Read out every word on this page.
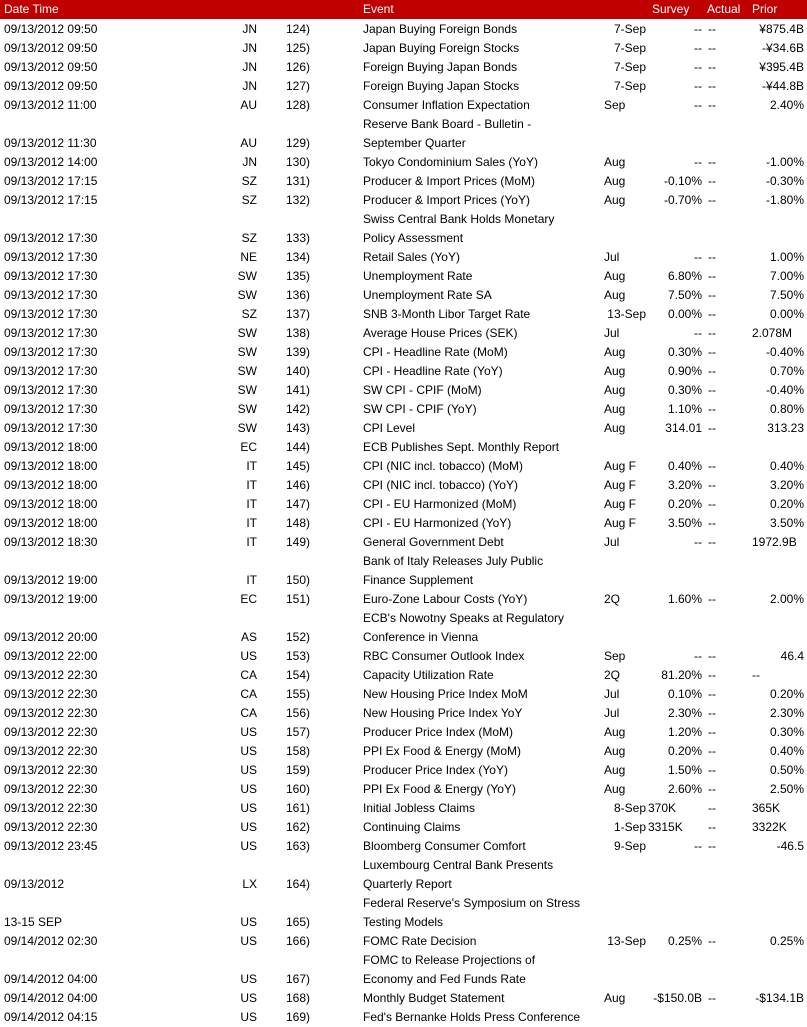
Date Time	Event	Survey Actual Prior
09/13/2012 09:50	JN	124)	Japan Buying Foreign Bonds	7-Sep	-- --	¥875.4B
09/13/2012 09:50	JN	125)	Japan Buying Foreign Stocks	7-Sep	-- --	-¥34.6B
09/13/2012 09:50	JN	126)	Foreign Buying Japan Bonds	7-Sep	-- --	¥395.4B
09/13/2012 09:50	JN	127)	Foreign Buying Japan Stocks	7-Sep	-- --	-¥44.8B
09/13/2012 11:00	AU	128)	Consumer Inflation Expectation	Sep	-- --	2.40%
09/13/2012 11:30	AU	129)
Reserve Bank Board - Bulletin -
September Quarter
09/13/2012 14:00	JN	130)	Tokyo Condominium Sales (YoY)	Aug	-- --	-1.00%
09/13/2012 17:15	SZ	131)	Producer & Import Prices (MoM)	Aug	-0.10% --	-0.30%
09/13/2012 17:15	SZ	132)	Producer & Import Prices (YoY)	Aug	-0.70% --	-1.80%
09/13/2012 17:30	SZ	133)
Swiss Central Bank Holds Monetary
Policy Assessment
09/13/2012 17:30	NE	134)	Retail Sales (YoY)	Jul	-- --	1.00%
09/13/2012 17:30	SW	135)	Unemployment Rate	Aug	6.80% --	7.00%
09/13/2012 17:30	SW	136)	Unemployment Rate SA	Aug	7.50% --	7.50%
09/13/2012 17:30	SZ	137)	SNB 3-Month Libor Target Rate	13-Sep	0.00% --	0.00%
09/13/2012 17:30	SW	138)	Average House Prices (SEK)	Jul	-- --	2.078M
09/13/2012 17:30	SW	139)	CPI - Headline Rate (MoM)	Aug	0.30% --	-0.40%
09/13/2012 17:30	SW	140)	CPI - Headline Rate (YoY)	Aug	0.90% --	0.70%
09/13/2012 17:30	SW	141)	SW CPI - CPIF (MoM)	Aug	0.30% --	-0.40%
09/13/2012 17:30	SW	142)	SW CPI - CPIF (YoY)	Aug	1.10% --	0.80%
09/13/2012 17:30	SW	143)	CPI Level	Aug	314.01 --	313.23
09/13/2012 18:00	EC	144)	ECB Publishes Sept. Monthly Report
09/13/2012 18:00	IT	145)	CPI (NIC incl. tobacco) (MoM)	Aug F	0.40% --	0.40%
09/13/2012 18:00	IT	146)	CPI (NIC incl. tobacco) (YoY)	Aug F	3.20% --	3.20%
09/13/2012 18:00	IT	147)	CPI - EU Harmonized (MoM)	Aug F	0.20% --	0.20%
09/13/2012 18:00	IT	148)	CPI - EU Harmonized (YoY)	Aug F	3.50% --	3.50%
09/13/2012 18:30	IT	149)	General Government Debt	Jul	-- --	1972.9B
09/13/2012 19:00	IT	150)
Bank of Italy Releases July Public
Finance Supplement
09/13/2012 19:00	EC	151)	Euro-Zone Labour Costs (YoY)	2Q	1.60% --	2.00%
09/13/2012 20:00	AS	152)
ECB's Nowotny Speaks at Regulatory
Conference in Vienna
09/13/2012 22:00	US	153)	RBC Consumer Outlook Index	Sep	-- --	46.4
09/13/2012 22:30	CA	154)	Capacity Utilization Rate	2Q	81.20% --	--
09/13/2012 22:30	CA	155)	New Housing Price Index MoM	Jul	0.10% --	0.20%
09/13/2012 22:30	CA	156)	New Housing Price Index YoY	Jul	2.30% --	2.30%
09/13/2012 22:30	US	157)	Producer Price Index (MoM)	Aug	1.20% --	0.30%
09/13/2012 22:30	US	158)	PPI Ex Food & Energy (MoM)	Aug	0.20% --	0.40%
09/13/2012 22:30	US	159)	Producer Price Index (YoY)	Aug	1.50% --	0.50%
09/13/2012 22:30	US	160)	PPI Ex Food & Energy (YoY)	Aug	2.60% --	2.50%
09/13/2012 22:30	US	161)	Initial Jobless Claims	8-Sep 370K	--	365K
09/13/2012 22:30	US	162)	Continuing Claims	1-Sep 3315K	--	3322K
09/13/2012 23:45	US	163)	Bloomberg Consumer Comfort	9-Sep	-- --	-46.5
09/13/2012	LX	164)
Luxembourg Central Bank Presents
Quarterly Report
13-15 SEP	US	165)
Federal Reserve's Symposium on Stress
Testing Models
09/14/2012 02:30	US	166)	FOMC Rate Decision	13-Sep	0.25% --	0.25%
09/14/2012 04:00	US	167)
FOMC to Release Projections of
Economy and Fed Funds Rate
09/14/2012 04:00	US	168)	Monthly Budget Statement	Aug	-$150.0B --	-$134.1B
09/14/2012 04:15	US	169)	Fed's Bernanke Holds Press Conference
